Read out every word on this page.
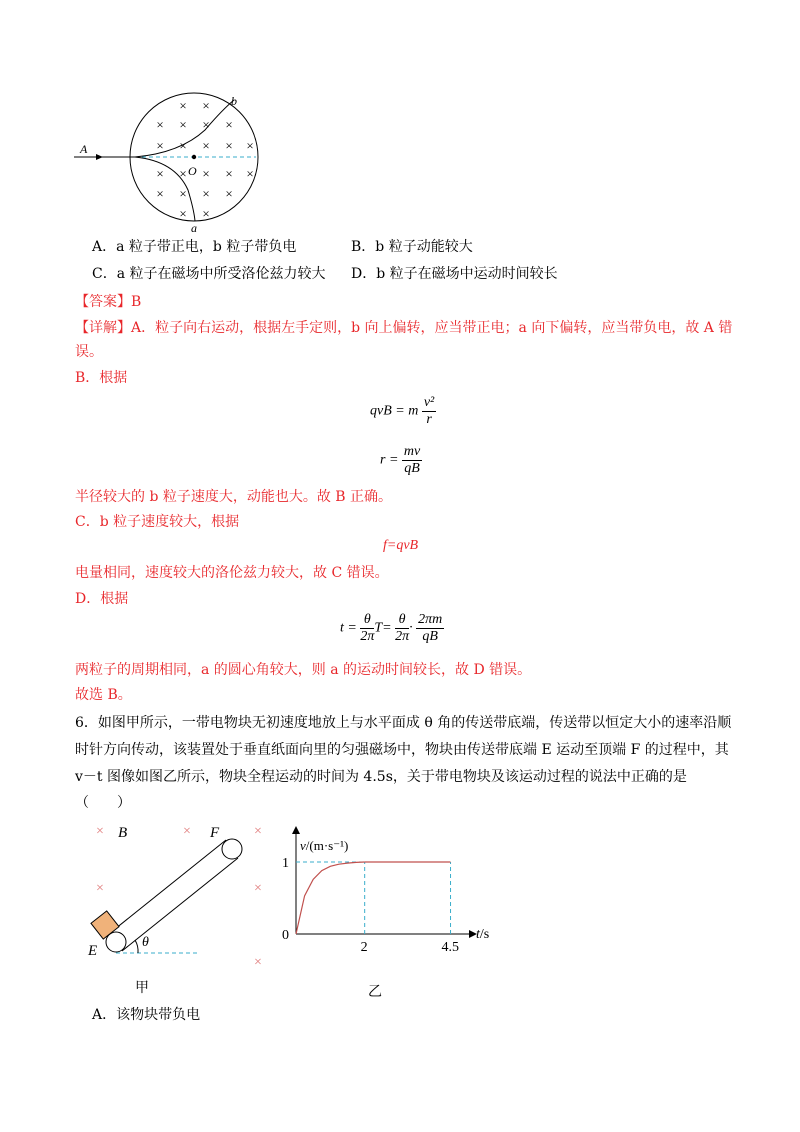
× ×
× × × ×
× × × × ×
× × × × ×
× × × ×
× ×
A
O
b
a
A．a 粒子带正电，b 粒子带负电	B．b 粒子动能较大
C．a 粒子在磁场中所受洛伦兹力较大 D．b 粒子在磁场中运动时间较长
【答案】B
【详解】A．粒子向右运动，根据左手定则，b 向上偏转，应当带正电；a 向下偏转，应当带负电，故 A 错
误。
B．根据
qvB = m $\frac{\text{v²}}{r}$
$r = \frac{mv}{qB}$
半径较大的 b 粒子速度大，动能也大。故 B 正确。
C．b 粒子速度较大，根据
f=qvB
电量相同，速度较大的洛伦兹力较大，故 C 错误。
D．根据
$t = \frac{\theta}{2\pi} T= \frac{\theta}{2\pi} \cdot \frac{2\pi m}{qB}$
两粒子的周期相同，a 的圆心角较大，则 a 的运动时间较长，故 D 错误。
故选 B。
6．如图甲所示，一带电物块无初速度地放上与水平面成 θ 角的传送带底端，传送带以恒定大小的速率沿顺
时针方向传动，该装置处于垂直纸面向里的匀强磁场中，物块由传送带底端 E 运动至顶端 F 的过程中，其
v－t 图像如图乙所示，物块全程运动的时间为 4.5s，关于带电物块及该运动过程的说法中正确的是
（　　）
×	×	×
×	×
×
B	F
E
θ
甲
v/(m·s⁻¹)
t/s
0
2	4.5
1
乙
A．该物块带负电
